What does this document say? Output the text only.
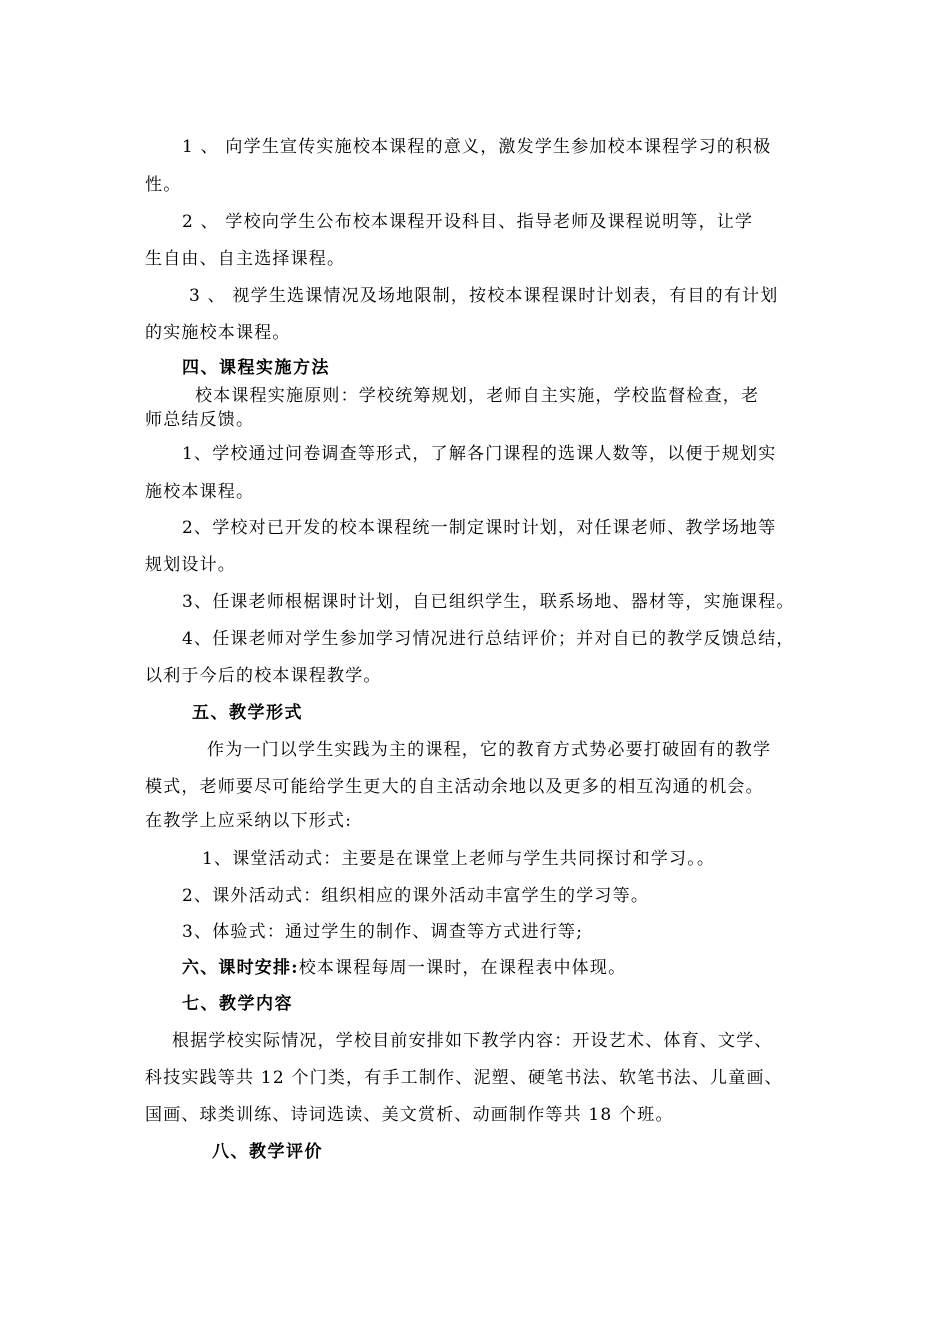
1 、 向学生宣传实施校本课程的意义，激发学生参加校本课程学习的积极
性。
2 、 学校向学生公布校本课程开设科目、指导老师及课程说明等，让学
生自由、自主选择课程。
3 、 视学生选课情况及场地限制，按校本课程课时计划表，有目的有计划
的实施校本课程。
四、课程实施方法
校本课程实施原则：学校统筹规划，老师自主实施，学校监督检查，老
师总结反馈。
1、学校通过问卷调查等形式，了解各门课程的选课人数等，以便于规划实
施校本课程。
2、学校对已开发的校本课程统一制定课时计划，对任课老师、教学场地等
规划设计。
3、任课老师根椐课时计划，自已组织学生，联系场地、器材等，实施课程。
4、任课老师对学生参加学习情况进行总结评价；并对自已的教学反馈总结，
以利于今后的校本课程教学。
五、教学形式
作为一门以学生实践为主的课程，它的教育方式势必要打破固有的教学
模式，老师要尽可能给学生更大的自主活动余地以及更多的相互沟通的机会。
在教学上应采纳以下形式:
1、课堂活动式：主要是在课堂上老师与学生共同探讨和学习。。
2、课外活动式：组织相应的课外活动丰富学生的学习等。
3、体验式：通过学生的制作、调查等方式进行等;
六、课时安排:校本课程每周一课时，在课程表中体现。
七、教学内容
根据学校实际情况，学校目前安排如下教学内容：开设艺术、体育、文学、
科技实践等共 12 个门类，有手工制作、泥塑、硬笔书法、软笔书法、儿童画、
国画、球类训练、诗词选读、美文赏析、动画制作等共 18 个班。
八、教学评价
